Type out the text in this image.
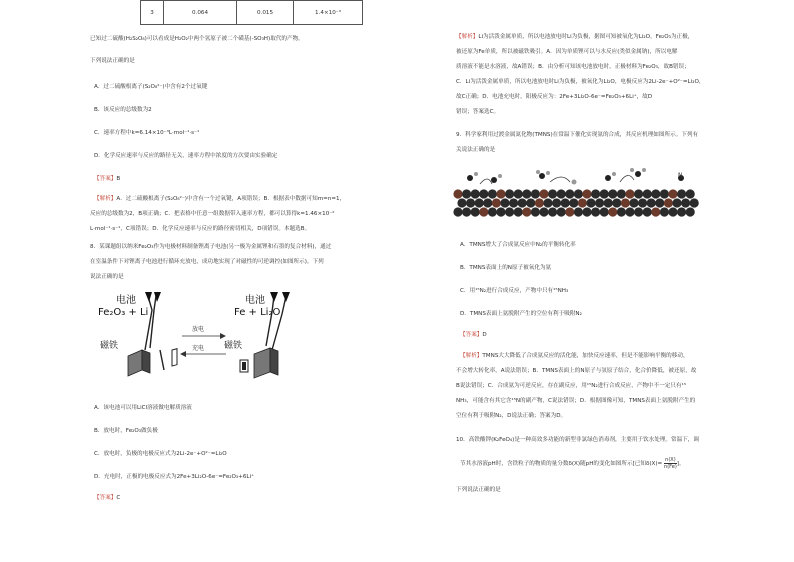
3	0.064	0.015	1.4×10⁻³
已知过二硫酸(H₂S₂O₈)可以看成是H₂O₂中两个氢原子被二个磺基(-SO₃H)取代的产物。
下列说法正确的是
A．过二硫酸根离子(S₂O₈²⁻)中含有2个过氧键
B．该反应的总级数为2
C．速率方程中k=6.14×10⁻³L·mol⁻¹·s⁻¹
D．化学反应速率与反应的路径无关，速率方程中浓度的方次要由实验确定
【答案】B
【解析】A．过二硫酸根离子(S₂O₈²⁻)中含有一个过氧键，A项错误；B．根据表中数据可知m=n=1，
反应的总级数为2，B项正确；C．把表格中任意一组数据带入速率方程，都可以算得k=1.46×10⁻²
L·mol⁻¹·s⁻¹，C项错误；D．化学反应速率与反应的路径密切相关，D项错误。本题选B。
8．某课题组以纳米Fe₂O₃作为电极材料制备锂离子电池(另一极为金属锂和石墨的复合材料)，通过
在室温条件下对锂离子电池进行循环充放电，成功地实现了对磁性的可逆调控(如图所示)。下列
说法正确的是
电池
Fe₂O₃ + Li
磁铁
放电
充电
电池
Fe + Li₂O
磁铁
A．该电池可以用LiCl溶液做电解质溶液
B．放电时，Fe₂O₃做负极
C．放电时，负极的电极反应式为2Li-2e⁻+O²⁻=Li₂O
D．充电时，正极的电极反应式为2Fe+3Li₂O-6e⁻=Fe₂O₃+6Li⁺
【答案】C
【解析】Li为活泼金属单质，所以电池放电时Li为负极，据图可知被氧化为Li₂O，Fe₂O₃为正极，
被还原为Fe单质，所以被磁铁吸引。A．因为单质锂可以与水反应(类似金属钠)，所以电解
质溶液不能是水溶液，故A错误；B．由分析可知该电池放电时，正极材料为Fe₂O₃，故B错误；
C．Li为活泼金属单质，所以电池放电时Li为负极，被氧化为Li₂O，电极反应为2Li-2e⁻+O²⁻=Li₂O，
故C正确；D．电池充电时，阳极反应为：2Fe+3Li₂O-6e⁻=Fe₂O₃+6Li⁺，故D
错误；答案选C。
9．科学家利用过渡金属氮化物(TMNS)在常温下催化实现氨的合成，其反应机理如图所示。下列有
关说法正确的是
N
A．TMNS增大了合成氨反应中N₂的平衡转化率
B．TMNS表面上的N原子被氧化为氨
C．用¹⁵N₂进行合成反应，产物中只有¹⁵NH₃
D．TMNS表面上氨脱附产生的空位有利于吸附N₂
【答案】D
【解析】TMNS大大降低了合成氨反应的活化能，加快反应速率，但是不能影响平衡的移动，
不会增大转化率，A说法错误；B．TMNS表面上的N原子与氢原子结合，化合价降低，被还原，故
B说法错误；C．合成氨为可逆反应，存在副反应，用¹⁵N₂进行合成反应，产物中不一定只有¹⁵
NH₃，可能含有其它含¹⁵N的副产物，C说法错误；D．根据图像可知，TMNS表面上氨脱附产生的
空位有利于吸附N₂，D说法正确；答案为D。
10．高铁酸钾(K₂FeO₄)是一种高效多功能的新型非氯绿色消毒剂，主要用于饮水处理。常温下，调
节其水溶液pH时，含铁粒子的物质的量分数δ(X)随pH的变化如图所示[已知$\delta(X)= \frac{n(X)}{n(Fe)}$ ]。
下列说法正确的是
